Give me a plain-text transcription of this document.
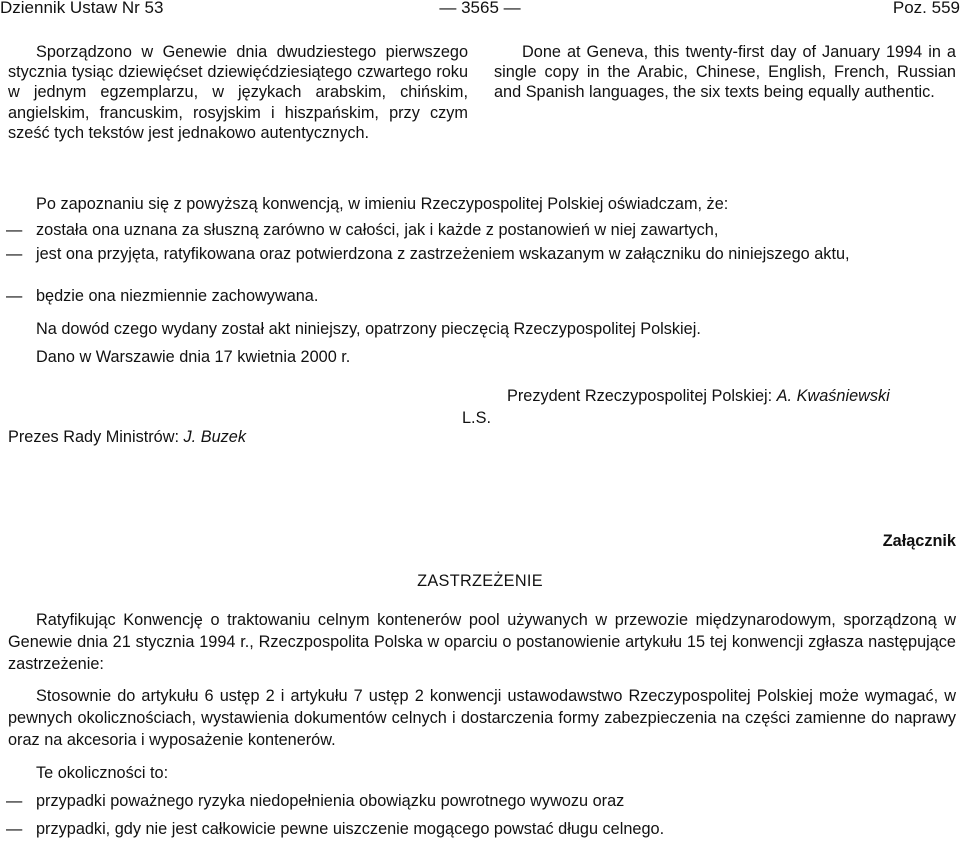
Dziennik Ustaw Nr 53	— 3565 —	Poz. 559
Sporządzono w Genewie dnia dwudziestego pierwszego stycznia tysiąc dziewięćset dziewięćdziesiątego czwartego roku w jednym egzemplarzu, w językach arabskim, chińskim, angielskim, francuskim, rosyjskim i hiszpańskim, przy czym sześć tych tekstów jest jednakowo autentycznych.
Done at Geneva, this twenty-first day of January 1994 in a single copy in the Arabic, Chinese, English, French, Russian and Spanish languages, the six texts being equally authentic.
Po zapoznaniu się z powyższą konwencją, w imieniu Rzeczypospolitej Polskiej oświadczam, że:
— została ona uznana za słuszną zarówno w całości, jak i każde z postanowień w niej zawartych,
— jest ona przyjęta, ratyfikowana oraz potwierdzona z zastrzeżeniem wskazanym w załączniku do niniejszego aktu,
— będzie ona niezmiennie zachowywana.
Na dowód czego wydany został akt niniejszy, opatrzony pieczęcią Rzeczypospolitej Polskiej.
Dano w Warszawie dnia 17 kwietnia 2000 r.
Prezydent Rzeczypospolitej Polskiej: A. Kwaśniewski
L.S.
Prezes Rady Ministrów: J. Buzek
Załącznik
ZASTRZEŻENIE
Ratyfikując Konwencję o traktowaniu celnym kontenerów pool używanych w przewozie międzynarodowym, sporządzoną w Genewie dnia 21 stycznia 1994 r., Rzeczpospolita Polska w oparciu o postanowienie artykułu 15 tej konwencji zgłasza następujące zastrzeżenie:
Stosownie do artykułu 6 ustęp 2 i artykułu 7 ustęp 2 konwencji ustawodawstwo Rzeczypospolitej Polskiej może wymagać, w pewnych okolicznościach, wystawienia dokumentów celnych i dostarczenia formy zabezpieczenia na części zamienne do naprawy oraz na akcesoria i wyposażenie kontenerów.
Te okoliczności to:
— przypadki poważnego ryzyka niedopełnienia obowiązku powrotnego wywozu oraz
— przypadki, gdy nie jest całkowicie pewne uiszczenie mogącego powstać długu celnego.
